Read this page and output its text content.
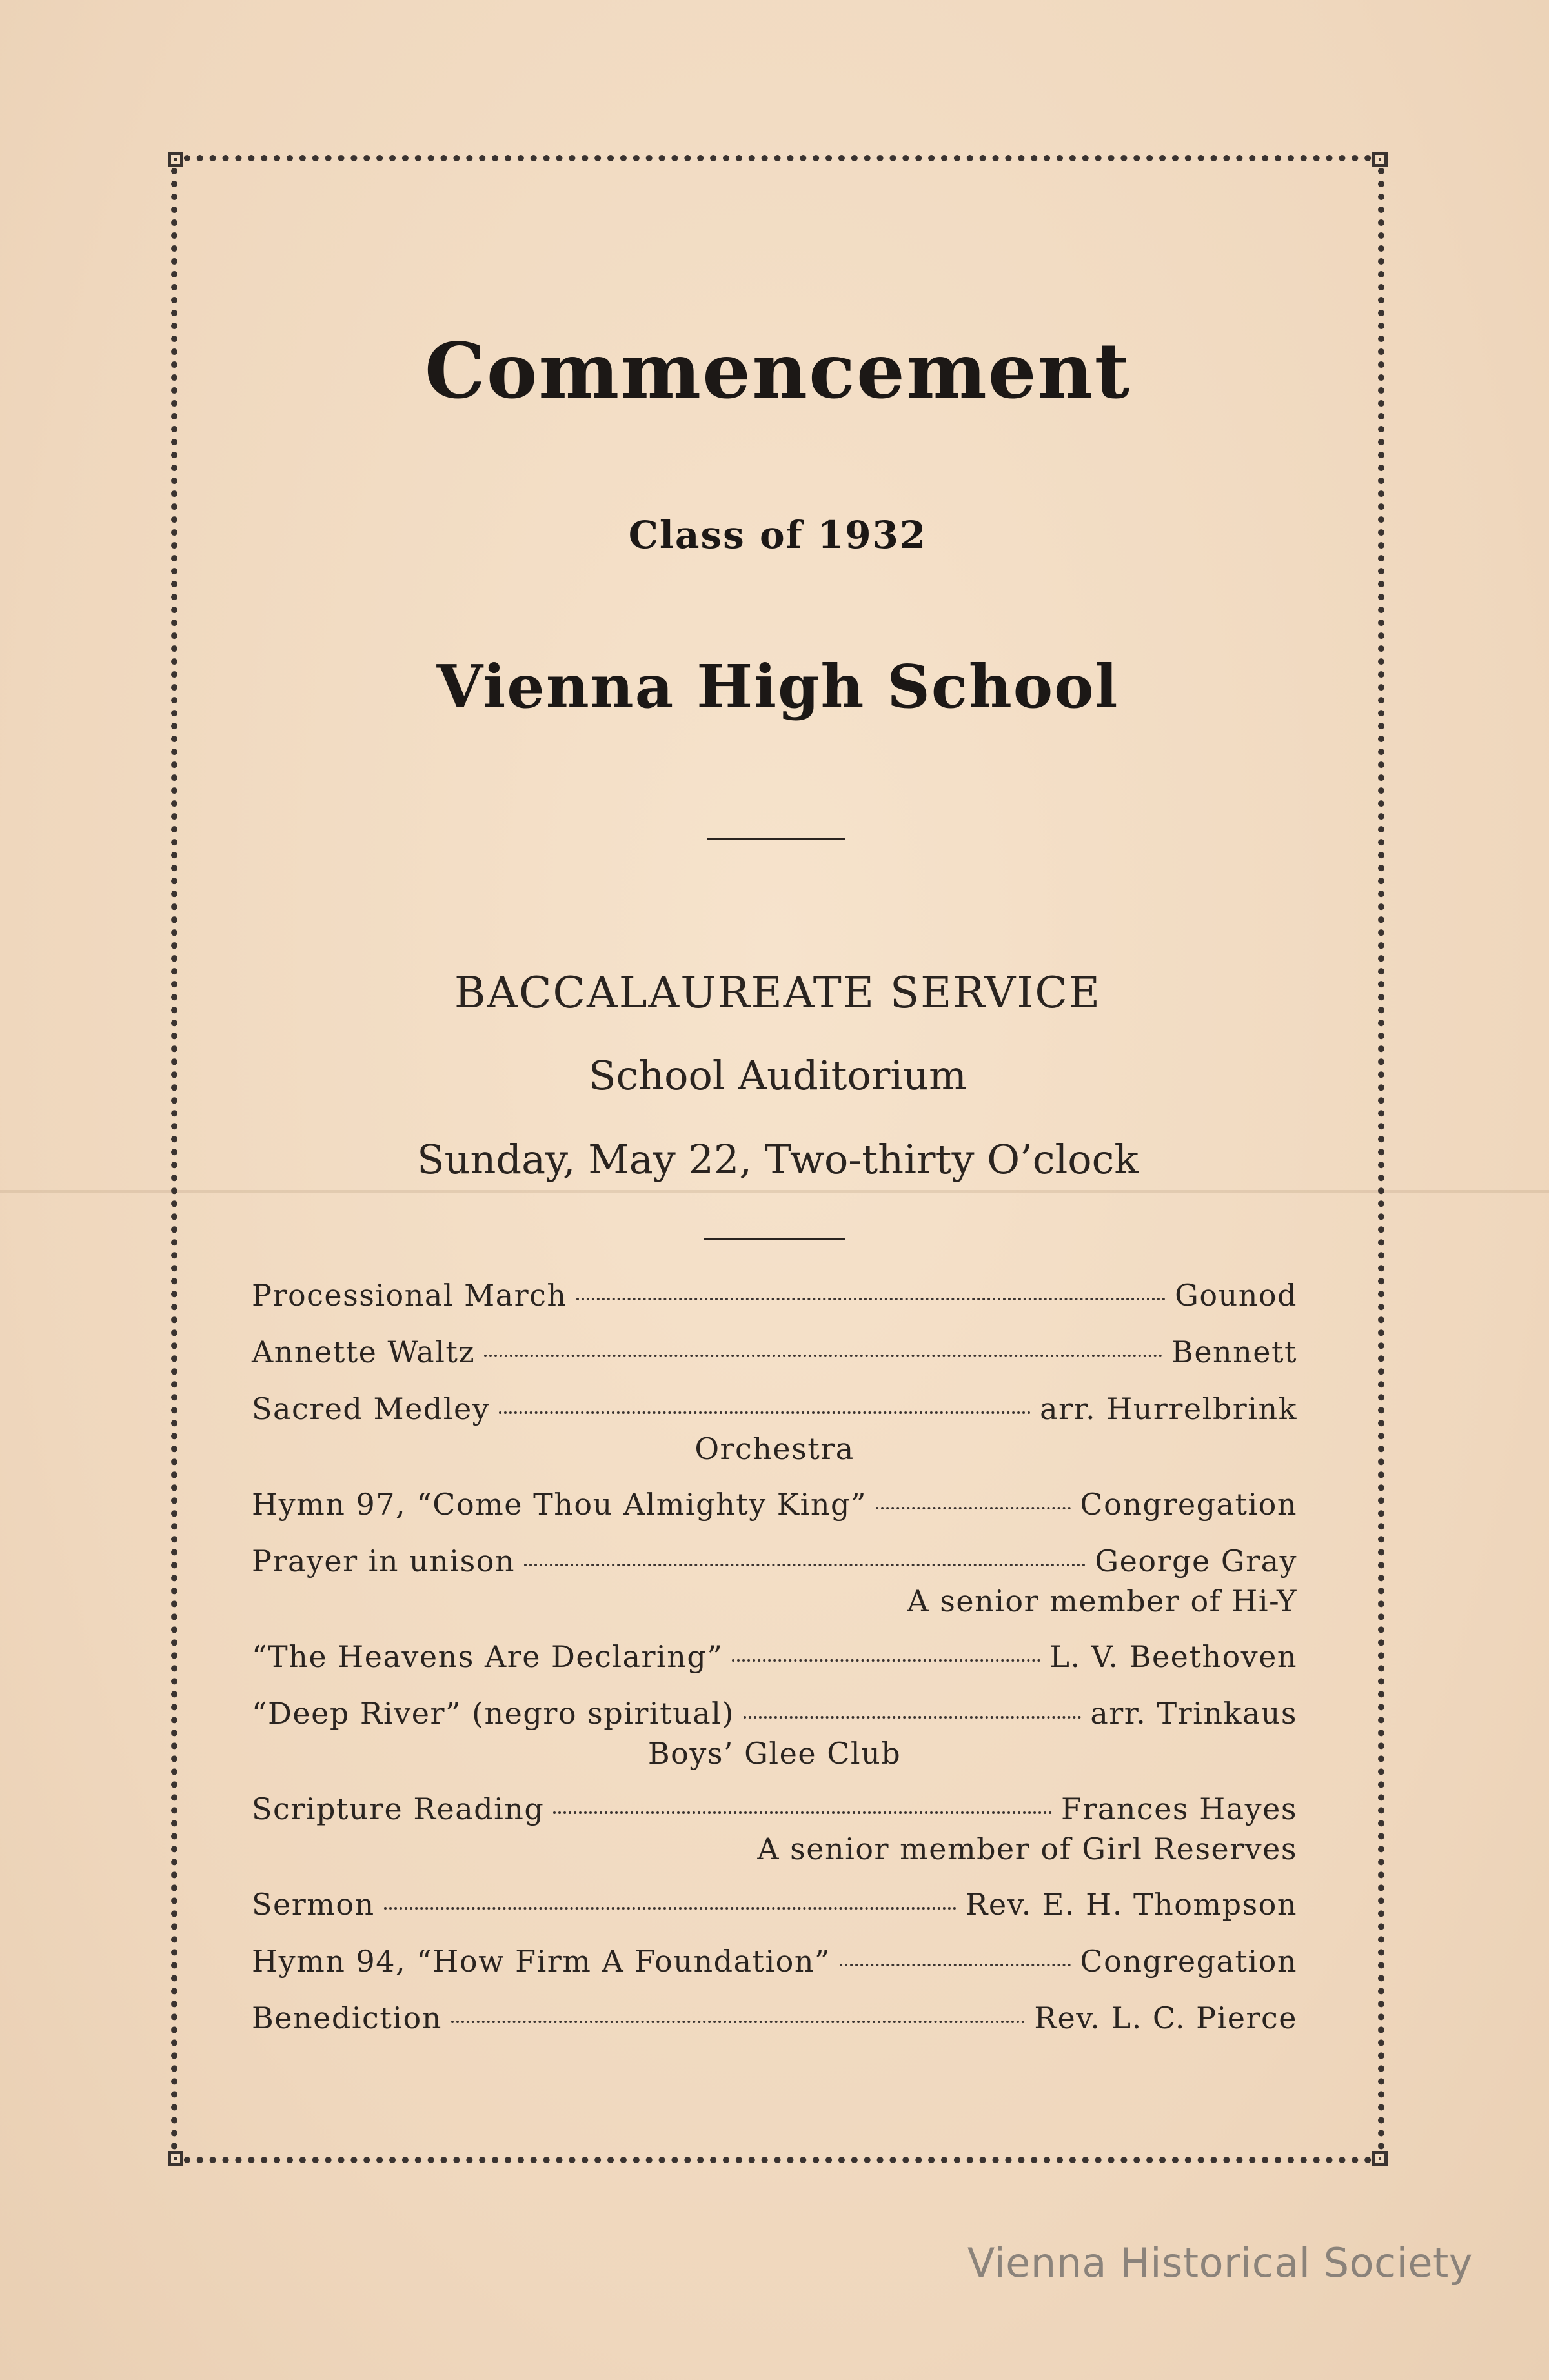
Commencement
Class of 1932
Vienna High School
BACCALAUREATE SERVICE
School Auditorium
Sunday, May 22, Two-thirty O’clock
Processional March	Gounod
Annette Waltz	Bennett
Sacred Medley	arr. Hurrelbrink
Orchestra
Hymn 97, “Come Thou Almighty King”	Congregation
Prayer in unison	George Gray
A senior member of Hi-Y
“The Heavens Are Declaring”	L. V. Beethoven
“Deep River” (negro spiritual)	arr. Trinkaus
Boys’ Glee Club
Scripture Reading	Frances Hayes
A senior member of Girl Reserves
Sermon	Rev. E. H. Thompson
Hymn 94, “How Firm A Foundation”	Congregation
Benediction	Rev. L. C. Pierce
Vienna Historical Society
